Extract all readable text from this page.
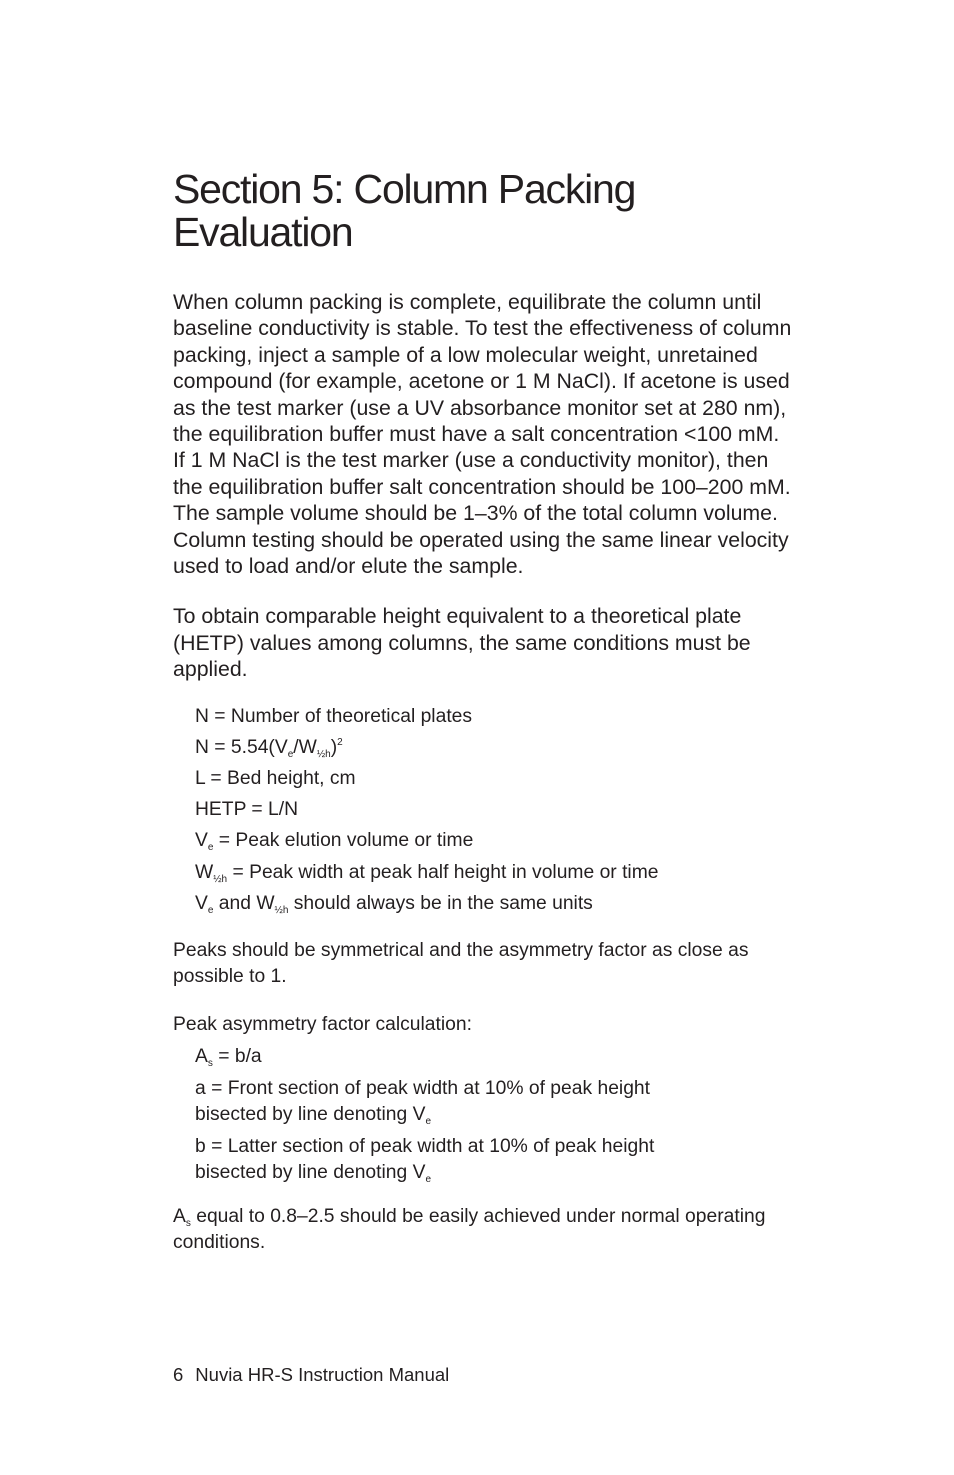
Section 5: Column Packing
Evaluation

When column packing is complete, equilibrate the column until baseline conductivity is stable. To test the effectiveness of column packing, inject a sample of a low molecular weight, unretained compound (for example, acetone or 1 M NaCl). If acetone is used as the test marker (use a UV absorbance monitor set at 280 nm), the equilibration buffer must have a salt concentration <100 mM. If 1 M NaCl is the test marker (use a conductivity monitor), then the equilibration buffer salt concentration should be 100–200 mM. The sample volume should be 1–3% of the total column volume. Column testing should be operated using the same linear velocity used to load and/or elute the sample.

To obtain comparable height equivalent to a theoretical plate (HETP) values among columns, the same conditions must be applied.

N = Number of theoretical plates
$N = 5.54(V_e/W_{\frac{1}{2}h})^2$
L = Bed height, cm
HETP = L/N
$V_e$ = Peak elution volume or time
$W_{\frac{1}{2}h}$ = Peak width at peak half height in volume or time
$V_e$ and $W_{\frac{1}{2}h}$ should always be in the same units

Peaks should be symmetrical and the asymmetry factor as close as possible to 1.

Peak asymmetry factor calculation:

$A_s = b/a$
a = Front section of peak width at 10% of peak height
bisected by line denoting $V_e$
b = Latter section of peak width at 10% of peak height
bisected by line denoting $V_e$

$A_s$ equal to 0.8–2.5 should be easily achieved under normal operating conditions.

6 Nuvia HR-S Instruction Manual
